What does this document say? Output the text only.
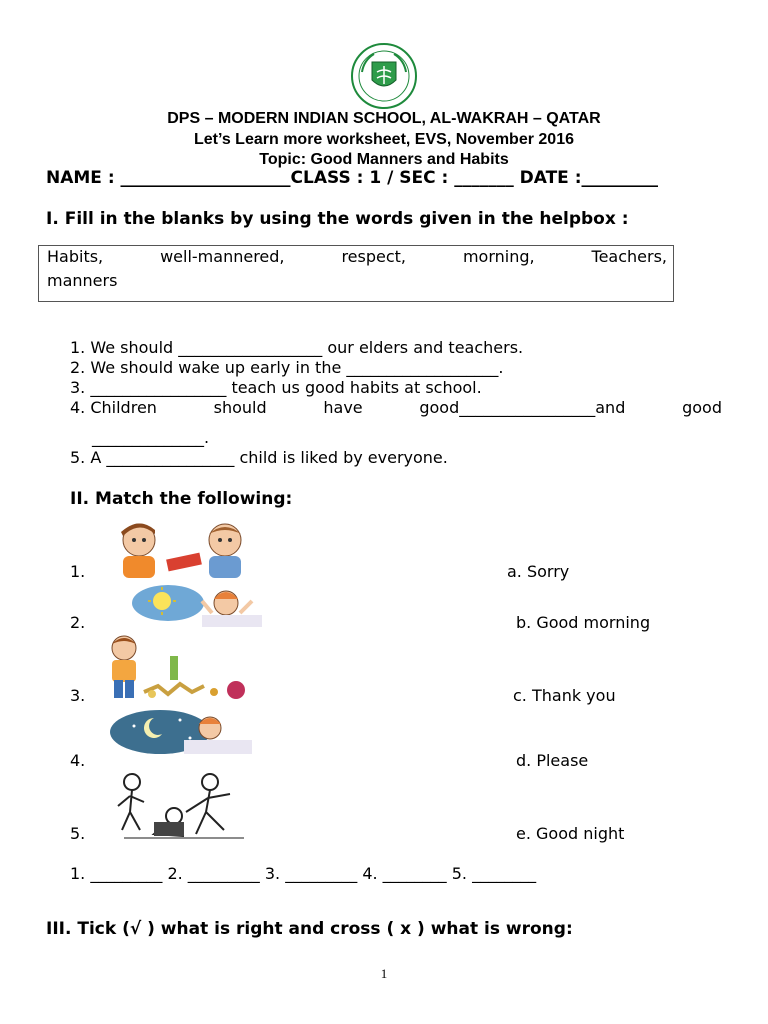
DPS – MODERN INDIAN SCHOOL, AL-WAKRAH – QATAR
Let’s Learn more worksheet, EVS, November 2016
Topic: Good Manners and Habits
NAME : ____________________CLASS : 1 / SEC : _______ DATE :_________
I. Fill in the blanks by using the words given in the helpbox :
Habits,	well-mannered,	respect,	morning,	Teachers,
manners
1. We should __________________ our elders and teachers.
2. We should wake up early in the ___________________.
3. _________________ teach us good habits at school.
4. Children	should	have	good_________________and	good
______________.
5. A ________________ child is liked by everyone.
II. Match the following:
1.	a. Sorry
2.	b. Good morning
3.	c. Thank you
4.	d. Please
5.	e. Good night
1. _________ 2. _________ 3. _________ 4. ________ 5. ________
III. Tick (√ ) what is right and cross ( x ) what is wrong:
1
